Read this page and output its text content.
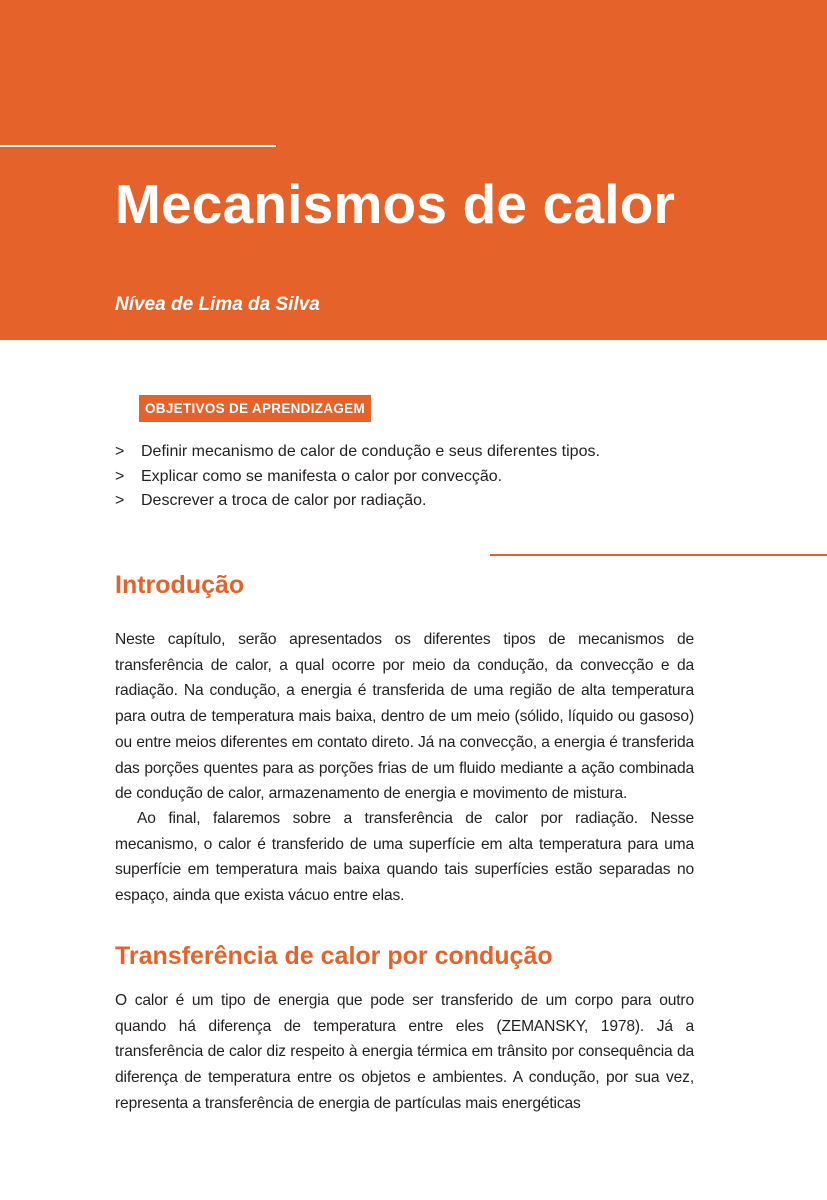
Mecanismos de calor

Nívea de Lima da Silva

OBJETIVOS DE APRENDIZAGEM
> Definir mecanismo de calor de condução e seus diferentes tipos.
> Explicar como se manifesta o calor por convecção.
> Descrever a troca de calor por radiação.
Introdução

Neste capítulo, serão apresentados os diferentes tipos de mecanismos de transferência de calor, a qual ocorre por meio da condução, da convecção e da radiação. Na condução, a energia é transferida de uma região de alta temperatura para outra de temperatura mais baixa, dentro de um meio (sólido, líquido ou gasoso) ou entre meios diferentes em contato direto. Já na convecção, a energia é transferida das porções quentes para as porções frias de um fluido mediante a ação combinada de condução de calor, armazenamento de energia e movimento de mistura.

Ao final, falaremos sobre a transferência de calor por radiação. Nesse mecanismo, o calor é transferido de uma superfície em alta temperatura para uma superfície em temperatura mais baixa quando tais superfícies estão separadas no espaço, ainda que exista vácuo entre elas.

Transferência de calor por condução

O calor é um tipo de energia que pode ser transferido de um corpo para outro quando há diferença de temperatura entre eles (ZEMANSKY, 1978). Já a transferência de calor diz respeito à energia térmica em trânsito por consequência da diferença de temperatura entre os objetos e ambientes. A condução, por sua vez, representa a transferência de energia de partículas mais energéticas
